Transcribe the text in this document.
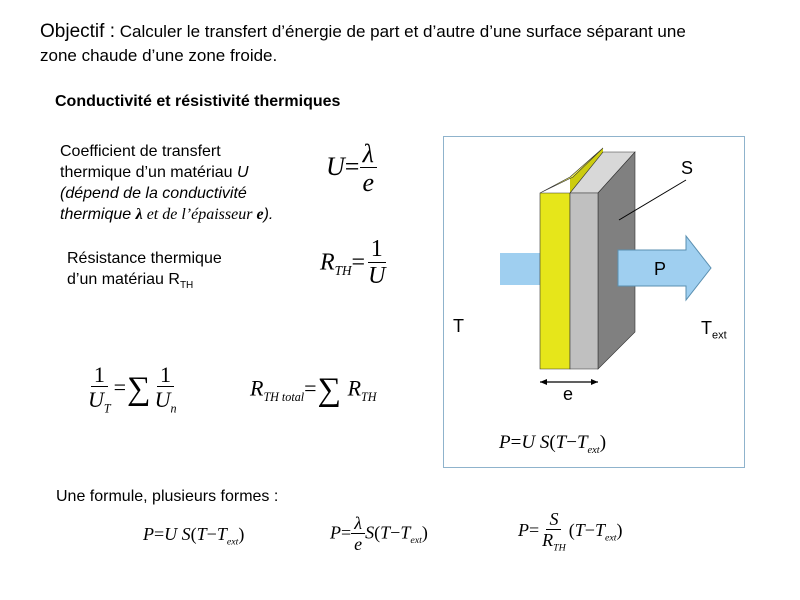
Objectif : Calculer le transfert d’énergie de part et d’autre d’une surface séparant une
zone chaude d’une zone froide.
Conductivité et résistivité thermiques
Coefficient de transfert
thermique d’un matériau U
(dépend de la conductivité
thermique λ et de l’épaisseur e).
$U= \frac{\lambda}{e}$
Résistance thermique
d’un matériau $R_{TH}$
$R_{TH}= \frac{1}{U}$
$\frac{1}{U_T}$ =∑ $\frac{1}{U_n}$	$R_{TH total}=\sum$ $R_{TH}$
S
P
T	$T_{ext}$
e
P=U $S(T-T_{ext})$
Une formule, plusieurs formes :
P=U $S(T-T_{ext})$	$P= \frac{\lambda}{e} S(T-T_{ext})$	$P= \frac{S}{R_{TH}} (T-T_{ext})$
